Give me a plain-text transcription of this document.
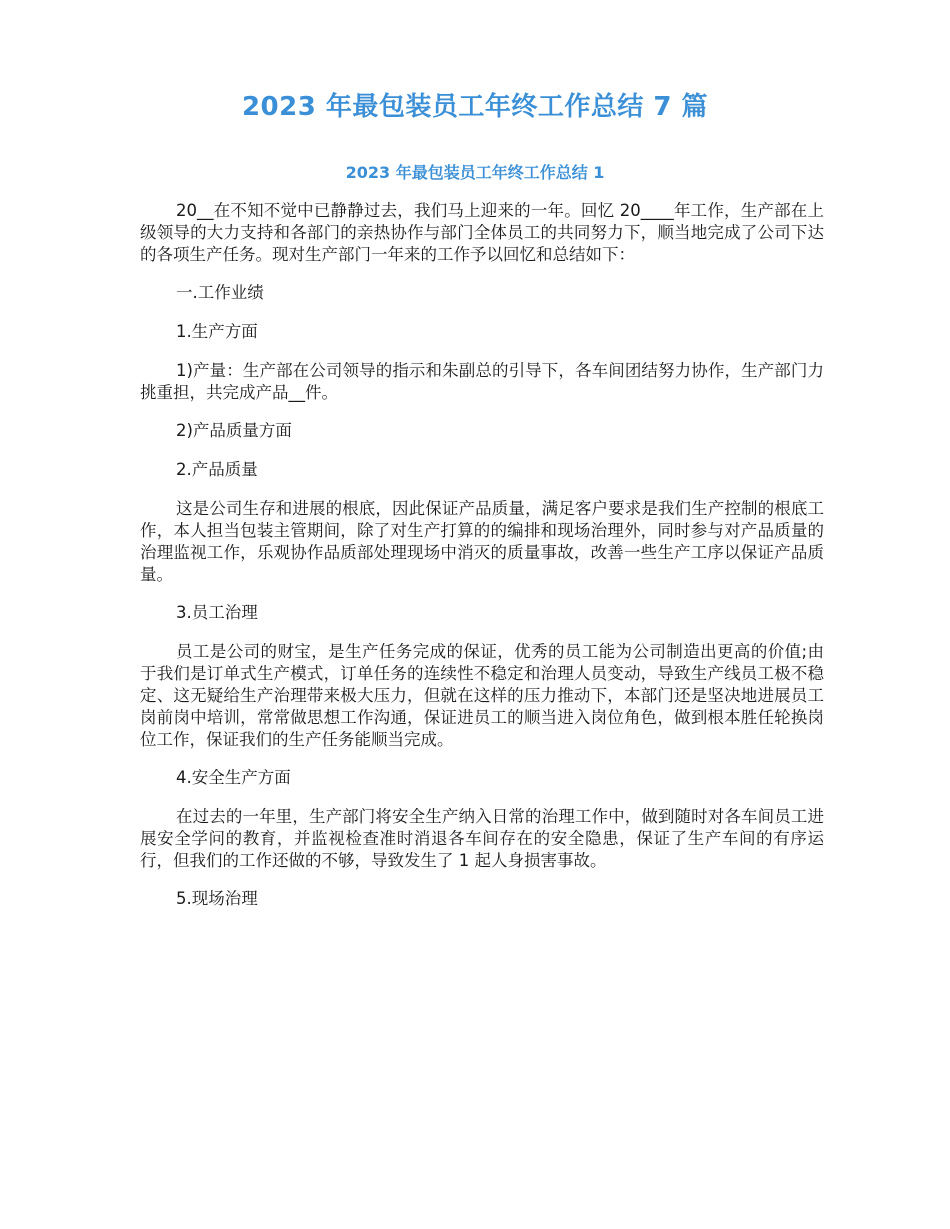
2023 年最包装员工年终工作总结 7 篇
2023 年最包装员工年终工作总结 1

20__在不知不觉中已静静过去，我们马上迎来的一年。回忆 20____年工作，生产部在上级领导的大力支持和各部门的亲热协作与部门全体员工的共同努力下，顺当地完成了公司下达的各项生产任务。现对生产部门一年来的工作予以回忆和总结如下：

一.工作业绩

1.生产方面

1)产量：生产部在公司领导的指示和朱副总的引导下，各车间团结努力协作，生产部门力挑重担，共完成产品__件。

2)产品质量方面

2.产品质量

这是公司生存和进展的根底，因此保证产品质量，满足客户要求是我们生产控制的根底工作，本人担当包装主管期间，除了对生产打算的的编排和现场治理外，同时参与对产品质量的治理监视工作，乐观协作品质部处理现场中消灭的质量事故，改善一些生产工序以保证产品质量。

3.员工治理

员工是公司的财宝，是生产任务完成的保证，优秀的员工能为公司制造出更高的价值;由于我们是订单式生产模式，订单任务的连续性不稳定和治理人员变动，导致生产线员工极不稳定、这无疑给生产治理带来极大压力，但就在这样的压力推动下，本部门还是坚决地进展员工岗前岗中培训，常常做思想工作沟通，保证进员工的顺当进入岗位角色，做到根本胜任轮换岗位工作，保证我们的生产任务能顺当完成。

4.安全生产方面

在过去的一年里，生产部门将安全生产纳入日常的治理工作中，做到随时对各车间员工进展安全学问的教育，并监视检查准时消退各车间存在的安全隐患，保证了生产车间的有序运行，但我们的工作还做的不够，导致发生了 1 起人身损害事故。

5.现场治理
